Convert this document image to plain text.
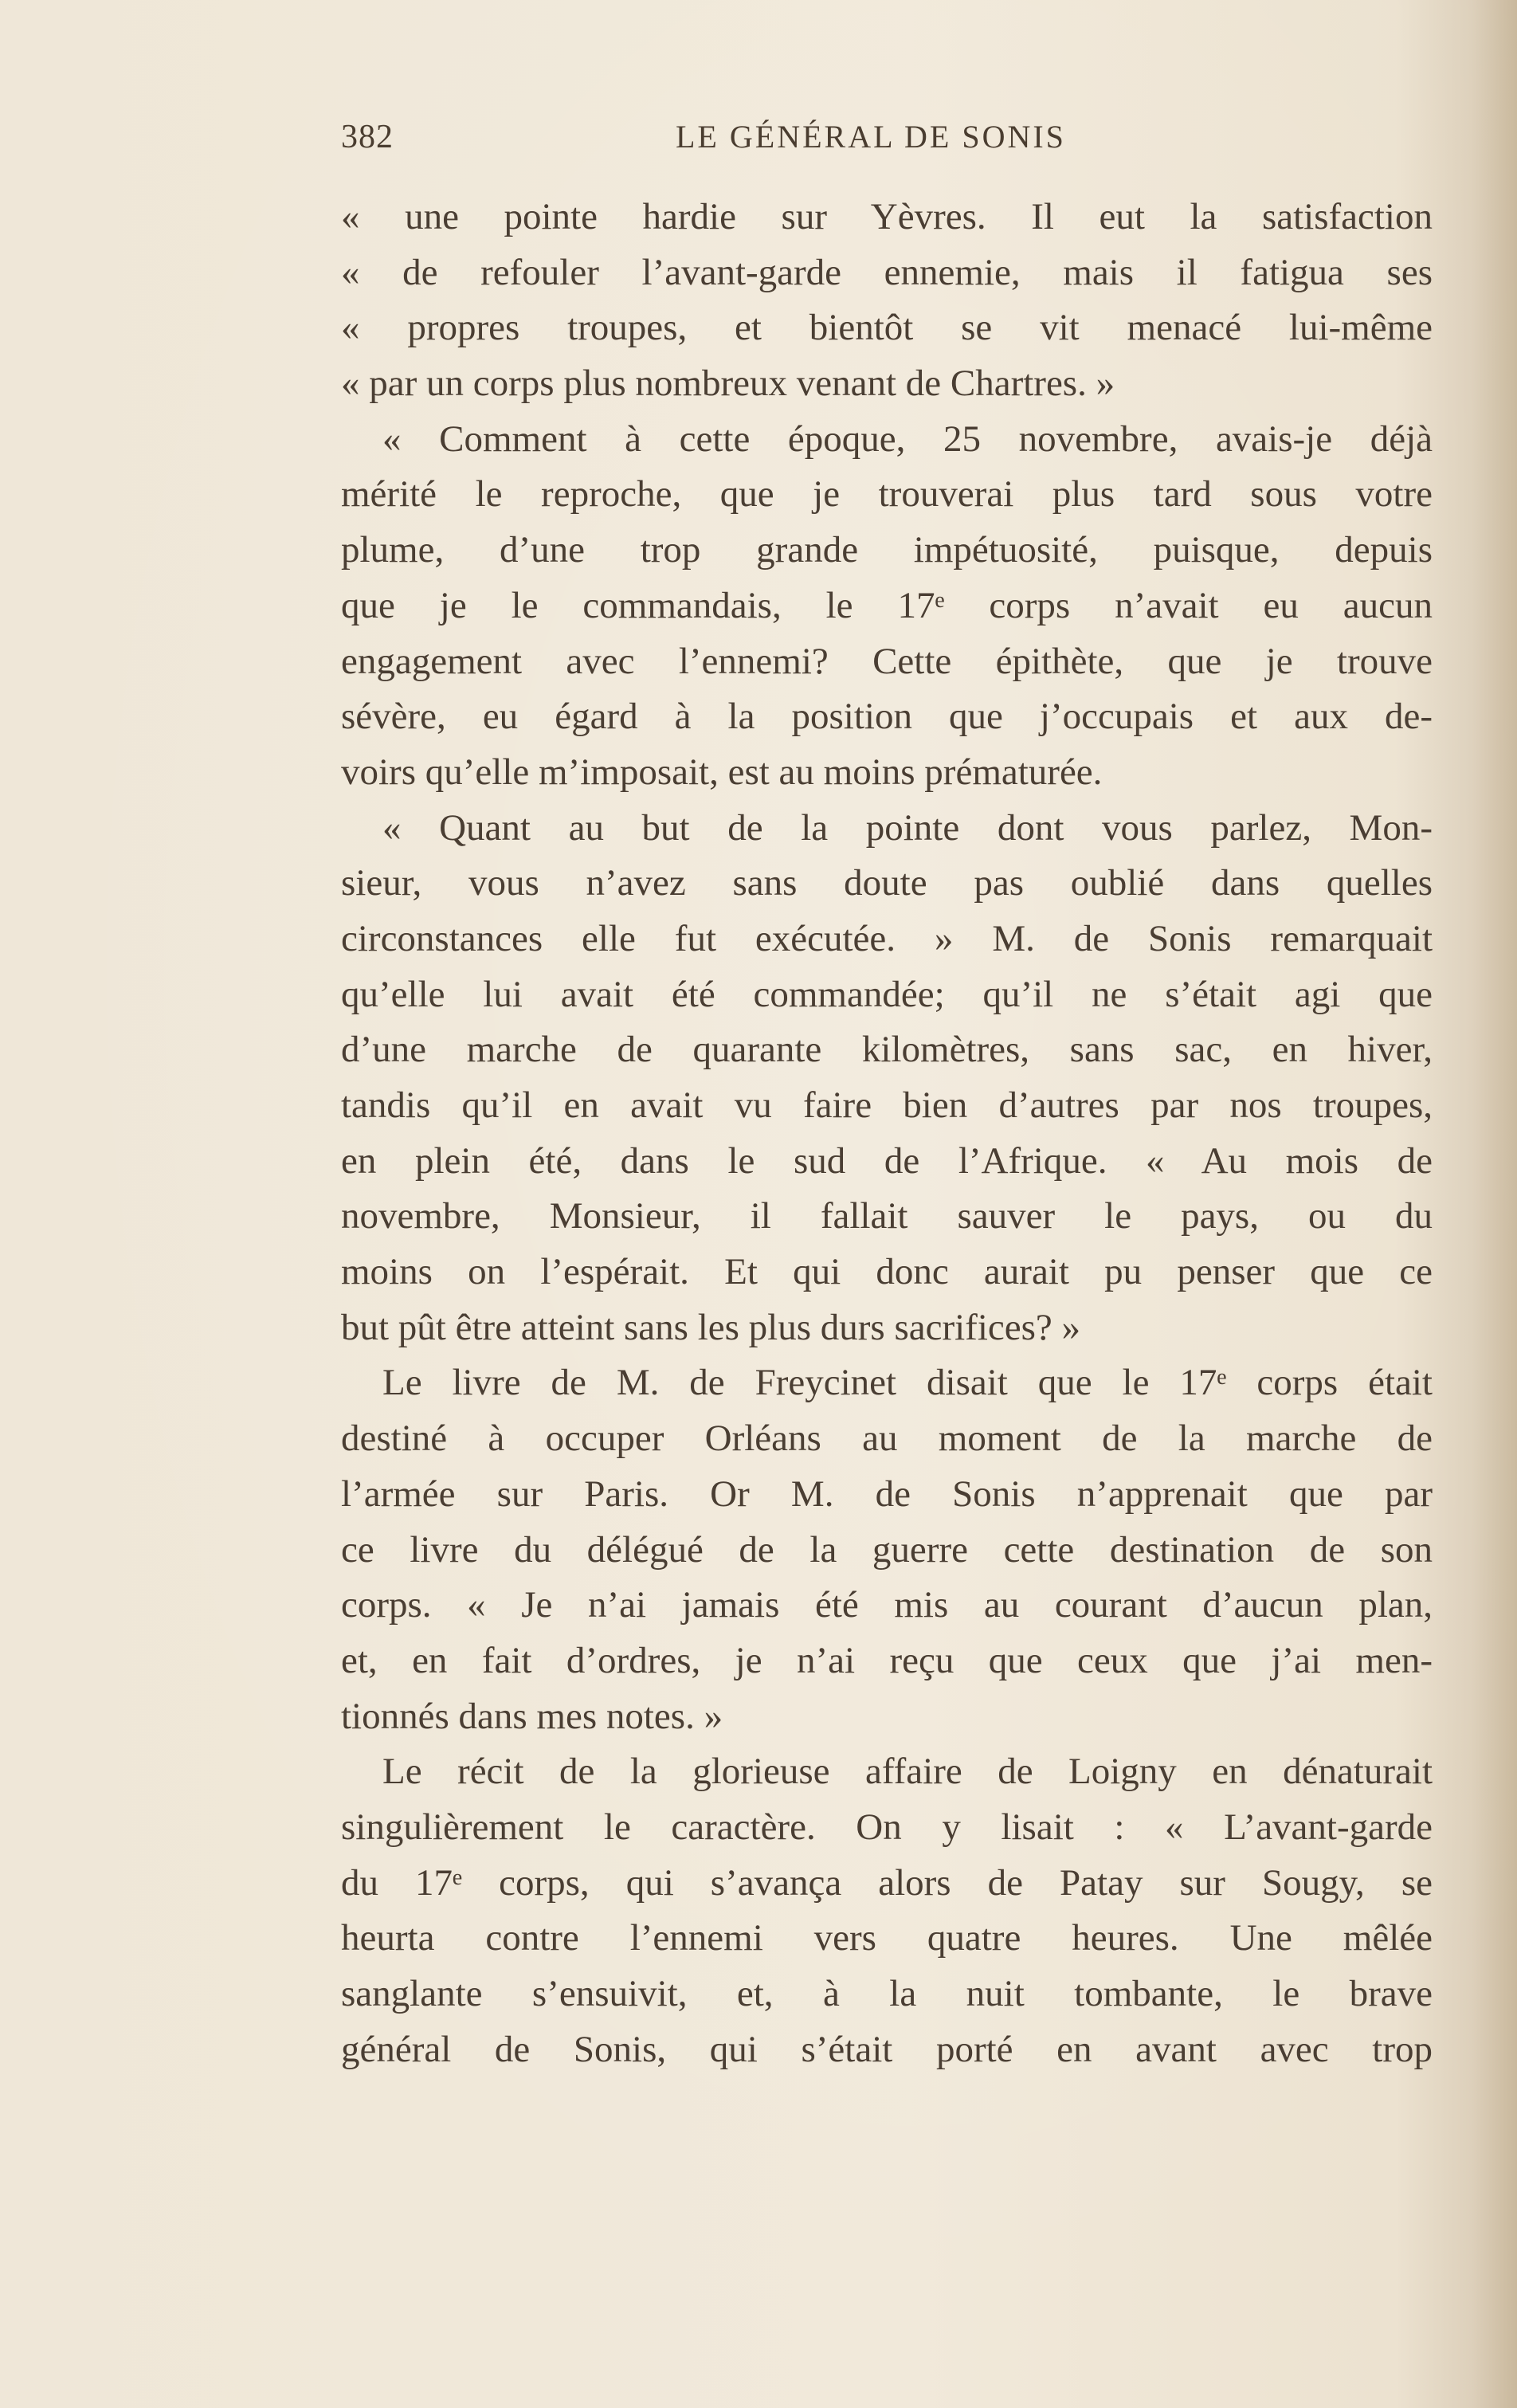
382	LE GÉNÉRAL DE SONIS
« une pointe hardie sur Yèvres. Il eut la satisfaction
« de refouler l’avant-garde ennemie, mais il fatigua ses
« propres troupes, et bientôt se vit menacé lui-même
« par un corps plus nombreux venant de Chartres. »
« Comment à cette époque, 25 novembre, avais-je déjà
mérité le reproche, que je trouverai plus tard sous votre
plume, d’une trop grande impétuosité, puisque, depuis
que je le commandais, le 17ᵉ corps n’avait eu aucun
engagement avec l’ennemi? Cette épithète, que je trouve
sévère, eu égard à la position que j’occupais et aux de-
voirs qu’elle m’imposait, est au moins prématurée.
« Quant au but de la pointe dont vous parlez, Mon-
sieur, vous n’avez sans doute pas oublié dans quelles
circonstances elle fut exécutée. » M. de Sonis remarquait
qu’elle lui avait été commandée; qu’il ne s’était agi que
d’une marche de quarante kilomètres, sans sac, en hiver,
tandis qu’il en avait vu faire bien d’autres par nos troupes,
en plein été, dans le sud de l’Afrique. « Au mois de
novembre, Monsieur, il fallait sauver le pays, ou du
moins on l’espérait. Et qui donc aurait pu penser que ce
but pût être atteint sans les plus durs sacrifices? »
Le livre de M. de Freycinet disait que le 17ᵉ corps était
destiné à occuper Orléans au moment de la marche de
l’armée sur Paris. Or M. de Sonis n’apprenait que par
ce livre du délégué de la guerre cette destination de son
corps. « Je n’ai jamais été mis au courant d’aucun plan,
et, en fait d’ordres, je n’ai reçu que ceux que j’ai men-
tionnés dans mes notes. »
Le récit de la glorieuse affaire de Loigny en dénaturait
singulièrement le caractère. On y lisait : « L’avant-garde
du 17ᵉ corps, qui s’avança alors de Patay sur Sougy, se
heurta contre l’ennemi vers quatre heures. Une mêlée
sanglante s’ensuivit, et, à la nuit tombante, le brave
général de Sonis, qui s’était porté en avant avec trop
